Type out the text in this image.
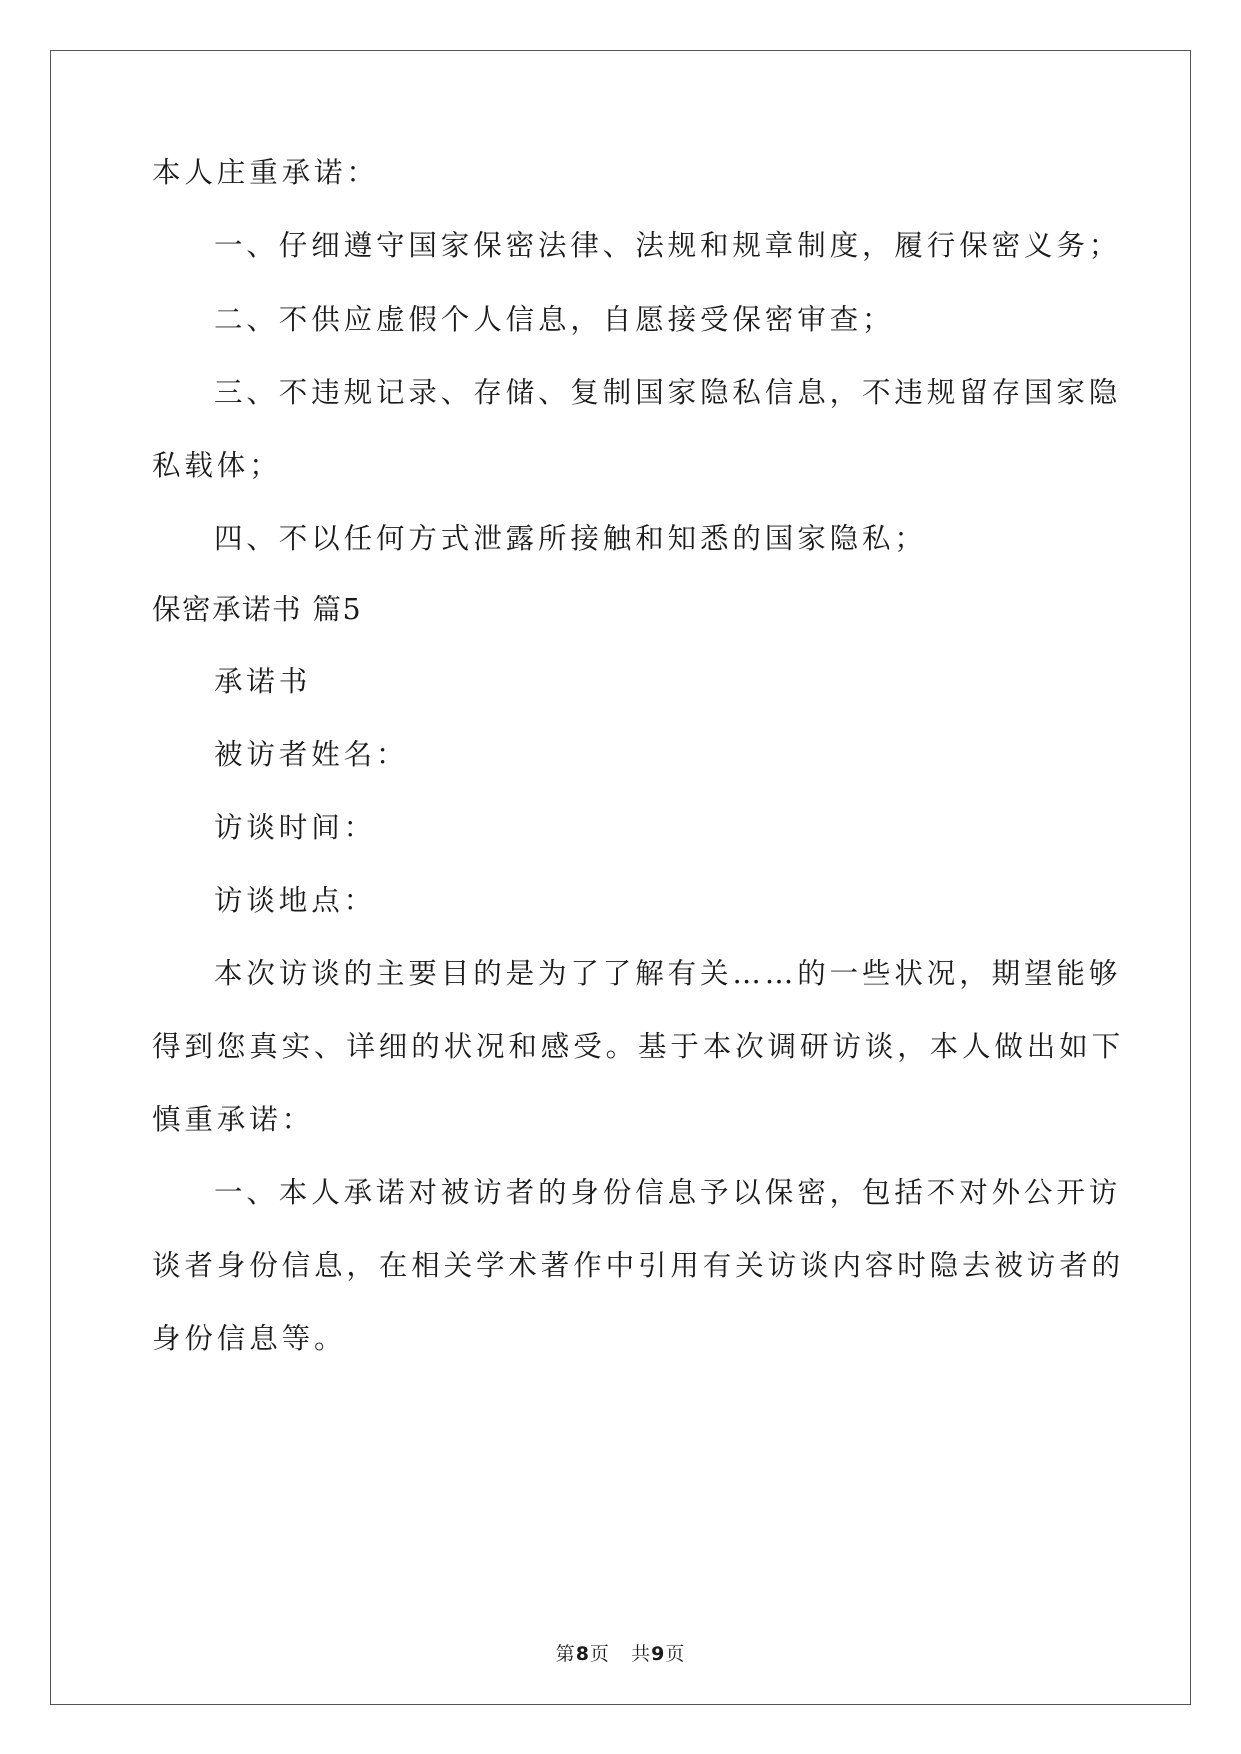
本人庄重承诺：
一、仔细遵守国家保密法律、法规和规章制度，履行保密义务；
二、不供应虚假个人信息，自愿接受保密审查；
三、不违规记录、存储、复制国家隐私信息，不违规留存国家隐
私载体；
四、不以任何方式泄露所接触和知悉的国家隐私；
保密承诺书 篇5
承诺书
被访者姓名：
访谈时间：
访谈地点：
本次访谈的主要目的是为了了解有关……的一些状况，期望能够
得到您真实、详细的状况和感受。基于本次调研访谈，本人做出如下
慎重承诺：
一、本人承诺对被访者的身份信息予以保密，包括不对外公开访
谈者身份信息，在相关学术著作中引用有关访谈内容时隐去被访者的
身份信息等。
第8页 共9页
